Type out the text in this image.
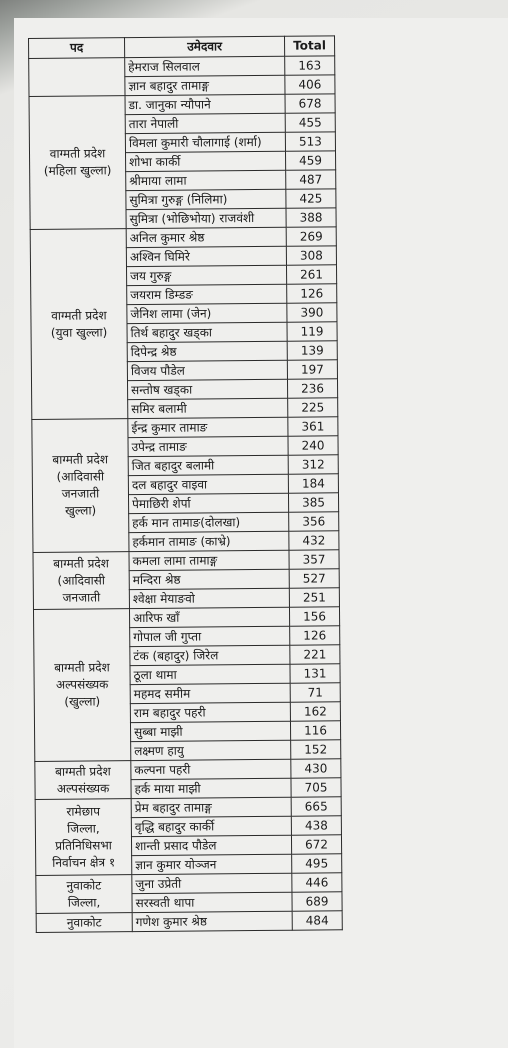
पद	उमेदवार	Total
	हेमराज सिलवाल	163
	ज्ञान बहादुर तामाङ्ग	406

वाग्मती प्रदेश
(महिला खुल्ला)	डा. जानुका न्यौपाने	678
	तारा नेपाली	455
	विमला कुमारी चौलागाई (शर्मा)	513
	शोभा कार्की	459
	श्रीमाया लामा	487
	सुमित्रा गुरुङ्ग (निलिमा)	425
	सुमित्रा (भोछिभोया) राजवंशी	388

वाग्मती प्रदेश
(युवा खुल्ला)	अनिल कुमार श्रेष्ठ	269
	अश्विन घिमिरे	308
	जय गुरुङ्ग	261
	जयराम डिम्डङ	126
	जेनिश लामा (जेन)	390
	तिर्थ बहादुर खड्का	119
	दिपेन्द्र श्रेष्ठ	139
	विजय पौडेल	197
	सन्तोष खड्का	236
	समिर बलामी	225

बाग्मती प्रदेश
(आदिवासी
जनजाती
खुल्ला)	ईन्द्र कुमार तामाङ	361
	उपेन्द्र तामाङ	240
	जित बहादुर बलामी	312
	दल बहादुर वाइवा	184
	पेमाछिरी शेर्पा	385
	हर्क मान तामाङ(दोलखा)	356
	हर्कमान तामाङ (काभ्रे)	432

बाग्मती प्रदेश
(आदिवासी
जनजाती	कमला लामा तामाङ्ग	357
	मन्दिरा श्रेष्ठ	527
	श्वेक्षा मेयाङवो	251

बाग्मती प्रदेश
अल्पसंख्यक
(खुल्ला)	आरिफ खाँ	156
	गोपाल जी गुप्ता	126
	टंक (बहादुर) जिरेल	221
	ठूला थामा	131
	महमद समीम	71
	राम बहादुर पहरी	162
	सुब्बा माझी	116
	लक्ष्मण हायु	152

बाग्मती प्रदेश
अल्पसंख्यक	कल्पना पहरी	430
	हर्क माया माझी	705

रामेछाप
जिल्ला,
प्रतिनिधिसभा
निर्वाचन क्षेत्र १	प्रेम बहादुर तामाङ्ग	665
	वृद्धि बहादुर कार्की	438
	शान्ती प्रसाद पौडेल	672
	ज्ञान कुमार योञ्जन	495

नुवाकोट
जिल्ला,	जुना उप्रेती	446
	सरस्वती थापा	689

नुवाकोट	गणेश कुमार श्रेष्ठ	484
